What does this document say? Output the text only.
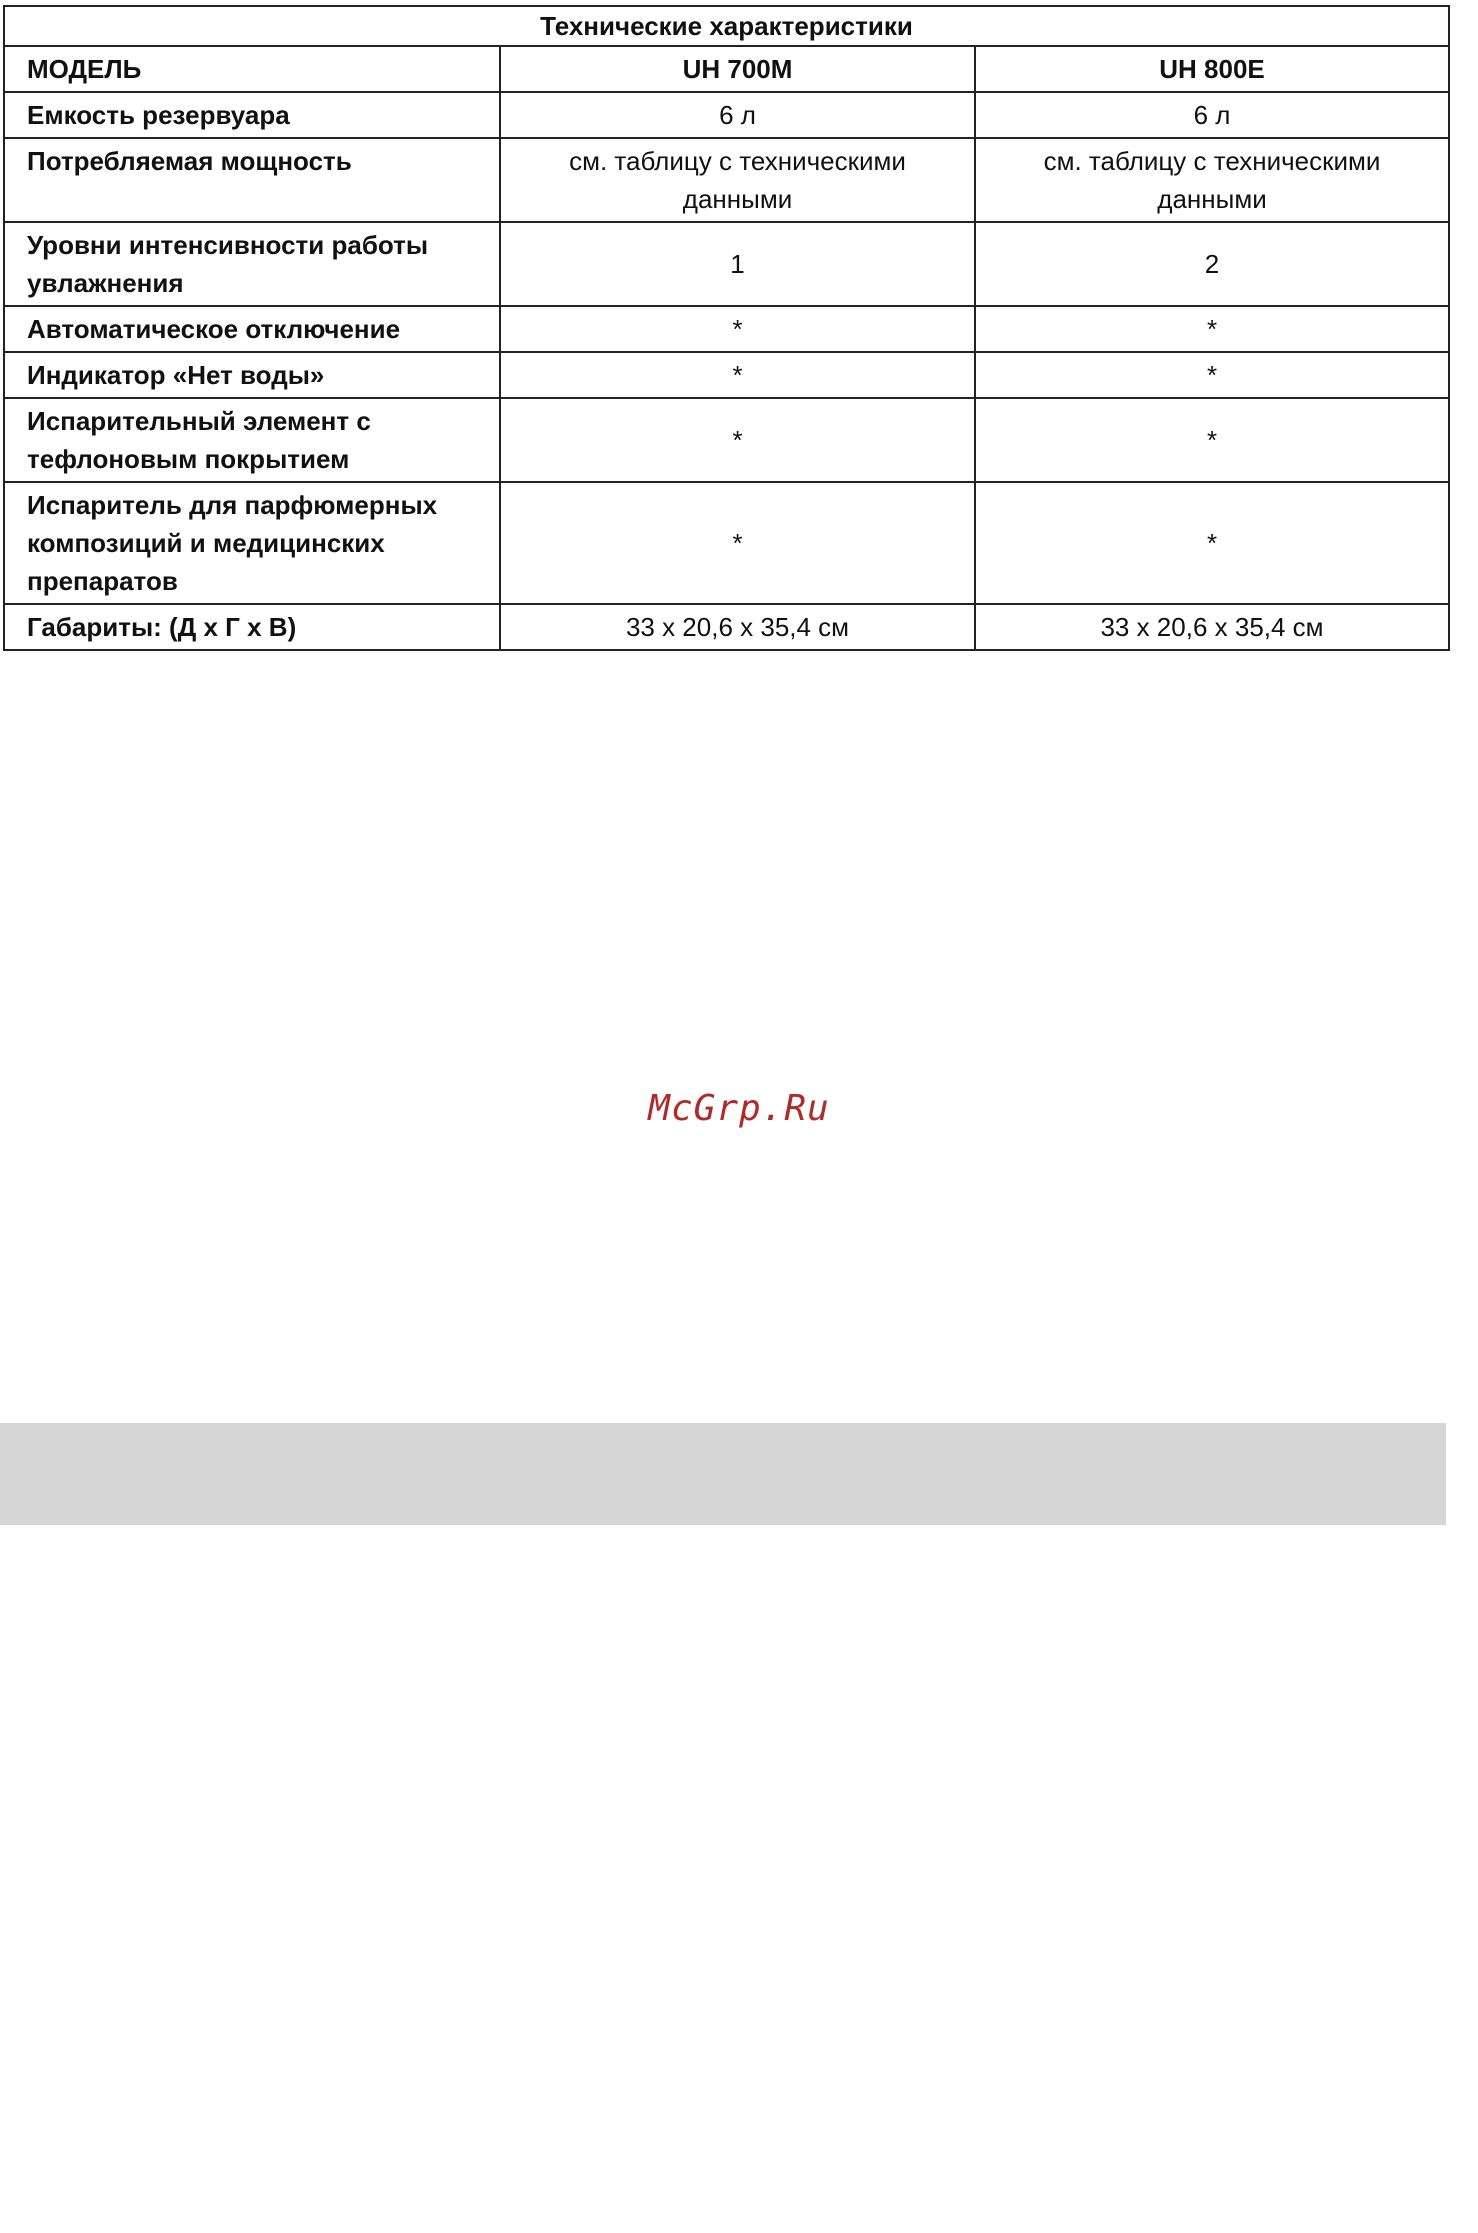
Технические характеристики		
МОДЕЛЬ	UH 700M	UH 800E
Емкость резервуара	6 л	6 л
Потребляемая мощность	см. таблицу с техническими данными	см. таблицу с техническими данными
Уровни интенсивности работы увлажнения	1	2
Автоматическое отключение	*	*
Индикатор «Нет воды»	*	*
Испарительный элемент с тефлоновым покрытием	*	*
Испаритель для парфюмерных композиций и медицинских препаратов	*	*
Габариты: (Д x Г x В)	33 x 20,6 x 35,4 см	33 x 20,6 x 35,4 см
McGrp.Ru
